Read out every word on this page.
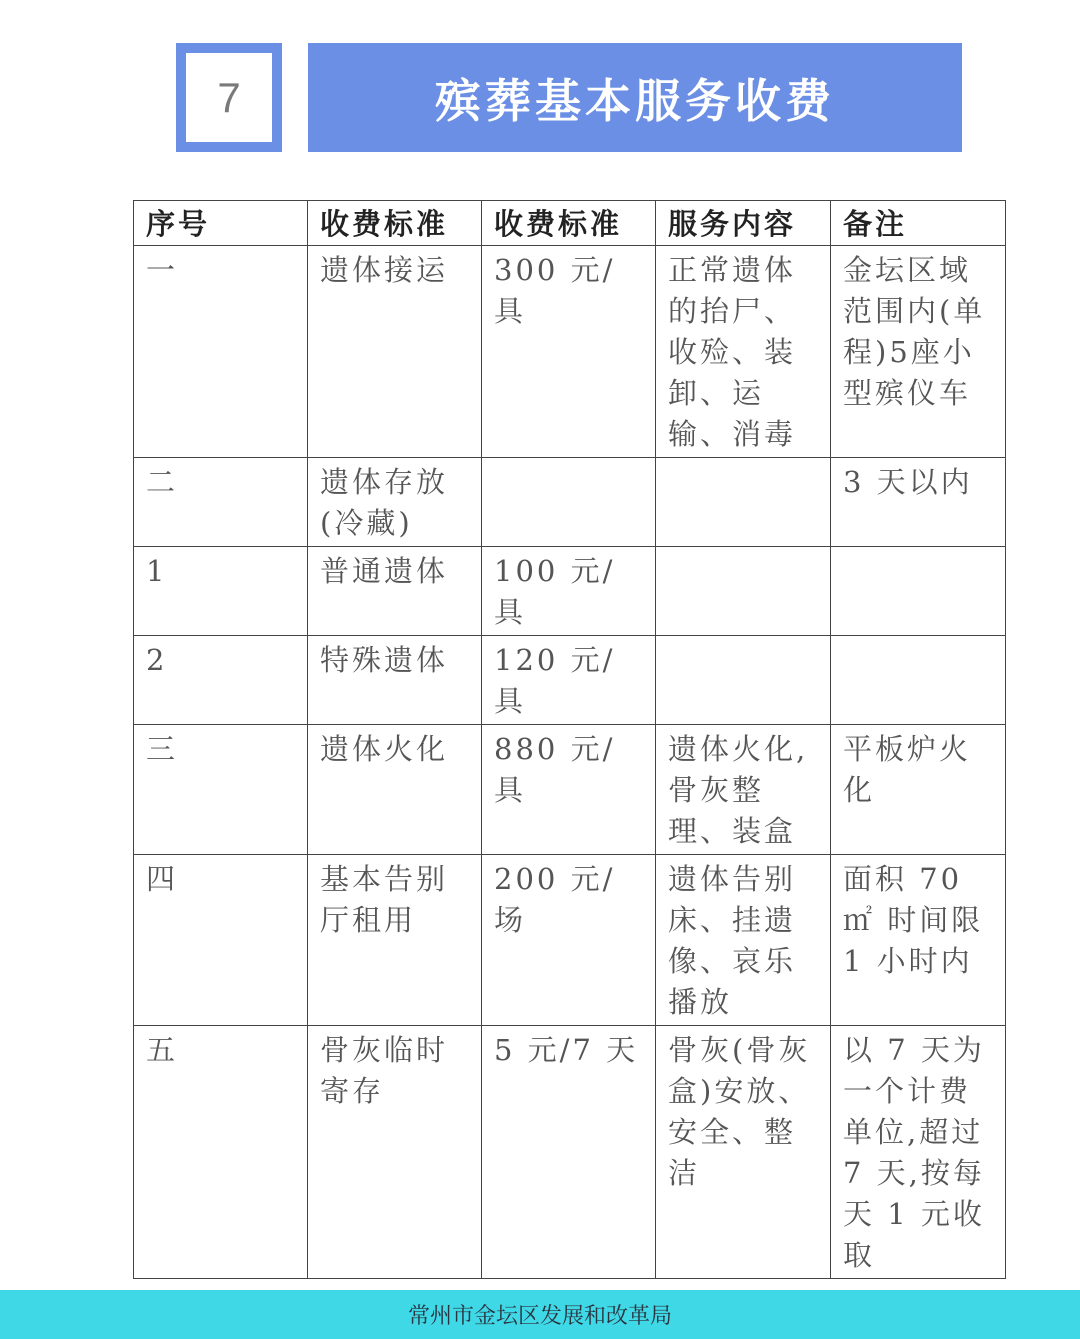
7	殡葬基本服务收费
序号	收费标准	收费标准	服务内容	备注
一	遗体接运	300 元/具	正常遗体的抬尸、收殓、装卸、运输、消毒	金坛区域范围内(单程)5座小型殡仪车
二	遗体存放(冷藏)			3 天以内
1	普通遗体	100 元/具		
2	特殊遗体	120 元/具		
三	遗体火化	880 元/具	遗体火化,骨灰整理、装盒	平板炉火化
四	基本告别厅租用	200 元/场	遗体告别床、挂遗像、哀乐播放	面积 70 ㎡ 时间限 1 小时内
五	骨灰临时寄存	5 元/7 天	骨灰(骨灰盒)安放、安全、整洁	以 7 天为一个计费单位,超过 7 天,按每天 1 元收取
常州市金坛区发展和改革局
